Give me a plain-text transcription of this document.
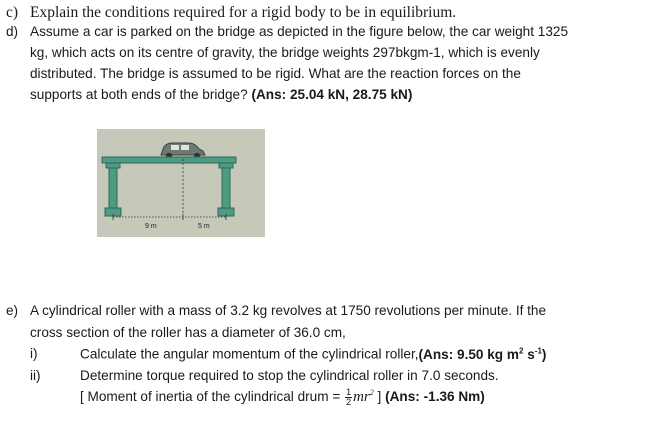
c) Explain the conditions required for a rigid body to be in equilibrium.
d) Assume a car is parked on the bridge as depicted in the figure below, the car weight 1325
kg, which acts on its centre of gravity, the bridge weights 297bkgm-1, which is evenly
distributed. The bridge is assumed to be rigid. What are the reaction forces on the
supports at both ends of the bridge? (Ans: 25.04 kN, 28.75 kN)
9 m	5 m
e) A cylindrical roller with a mass of 3.2 kg revolves at 1750 revolutions per minute. If the
cross section of the roller has a diameter of 36.0 cm,
i)	Calculate the angular momentum of the cylindrical roller,(Ans: 9.50 kg $m^2$ $s^{-1}$)
ii)	Determine torque required to stop the cylindrical roller in 7.0 seconds.
[ Moment of inertia of the cylindrical drum = $\frac{1}{2} mr^2$ ] (Ans: -1.36 Nm)
